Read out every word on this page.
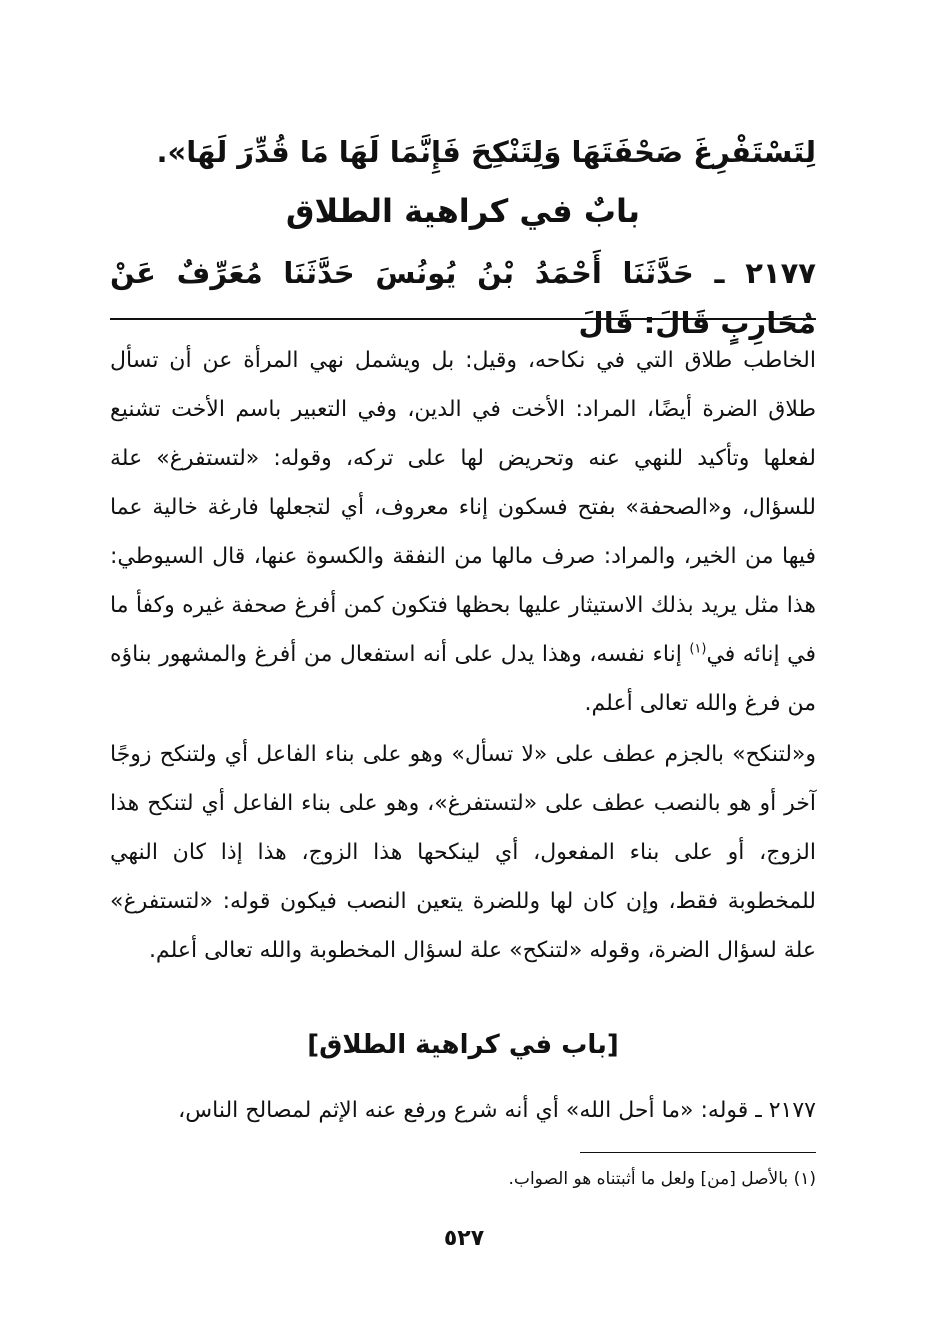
لِتَسْتَفْرِغَ صَحْفَتَهَا وَلِتَنْكِحَ فَإِنَّمَا لَهَا مَا قُدِّرَ لَهَا».
بابٌ في كراهية الطلاق
٢١٧٧ ـ حَدَّثَنَا أَحْمَدُ بْنُ يُونُسَ حَدَّثَنَا مُعَرِّفٌ عَنْ مُحَارِبٍ قَالَ: قَالَ

الخاطب طلاق التي في نكاحه، وقيل: بل ويشمل نهي المرأة عن أن تسأل طلاق الضرة أيضًا، المراد: الأخت في الدين، وفي التعبير باسم الأخت تشنيع لفعلها وتأكيد للنهي عنه وتحريض لها على تركه، وقوله: «لتستفرغ» علة للسؤال، و«الصحفة» بفتح فسكون إناء معروف، أي لتجعلها فارغة خالية عما فيها من الخير، والمراد: صرف مالها من النفقة والكسوة عنها، قال السيوطي: هذا مثل يريد بذلك الاستيثار عليها بحظها فتكون كمن أفرغ صحفة غيره وكفأ ما في إنائه في$^{(١)}$ إناء نفسه، وهذا يدل على أنه استفعال من أفرغ والمشهور بناؤه من فرغ والله تعالى أعلم.

و«لتنكح» بالجزم عطف على «لا تسأل» وهو على بناء الفاعل أي ولتنكح زوجًا آخر أو هو بالنصب عطف على «لتستفرغ»، وهو على بناء الفاعل أي لتنكح هذا الزوج، أو على بناء المفعول، أي لينكحها هذا الزوج، هذا إذا كان النهي للمخطوبة فقط، وإن كان لها وللضرة يتعين النصب فيكون قوله: «لتستفرغ» علة لسؤال الضرة، وقوله «لتنكح» علة لسؤال المخطوبة والله تعالى أعلم.

[باب في كراهية الطلاق]
٢١٧٧ ـ قوله: «ما أحل الله» أي أنه شرع ورفع عنه الإثم لمصالح الناس،
(١) بالأصل [من] ولعل ما أثبتناه هو الصواب.
٥٢٧
